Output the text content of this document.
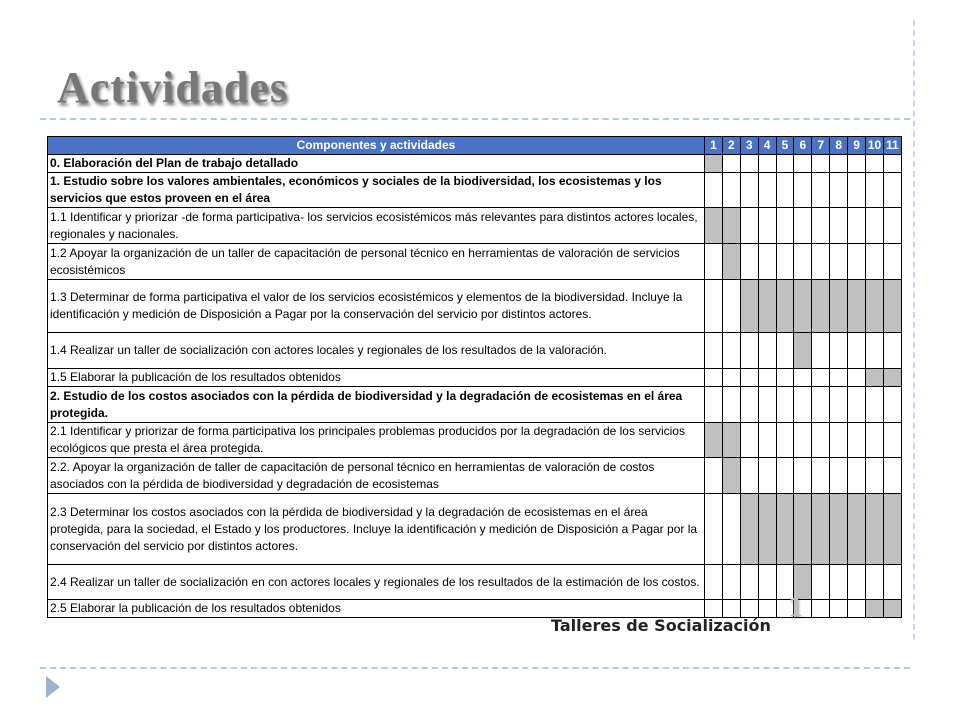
Actividades
Componentes y actividades	1	2	3	4	5	6	7	8	9	10	11
0. Elaboración del Plan de trabajo detallado											
1. Estudio sobre los valores ambientales, económicos y sociales de la biodiversidad, los ecosistemas y los servicios que estos proveen en el área											
1.1 Identificar y priorizar -de forma participativa- los servicios ecosistémicos más relevantes para distintos actores locales, regionales y nacionales.											
1.2 Apoyar la organización de un taller de capacitación de personal técnico en herramientas de valoración de servicios ecosistémicos											
1.3 Determinar de forma participativa el valor de los servicios ecosistémicos y elementos de la biodiversidad. Incluye la identificación y medición de Disposición a Pagar por la conservación del servicio por distintos actores.											
1.4 Realizar un taller de socialización con actores locales y regionales de los resultados de la valoración.											
1.5 Elaborar la publicación de los resultados obtenidos											
2. Estudio de los costos asociados con la pérdida de biodiversidad y la degradación de ecosistemas en el área protegida.											
2.1 Identificar y priorizar de forma participativa los principales problemas producidos por la degradación de los servicios ecológicos que presta el área protegida.											
2.2. Apoyar la organización de taller de capacitación de personal técnico en herramientas de valoración de costos asociados con la pérdida de biodiversidad y degradación de ecosistemas											
2.3 Determinar los costos asociados con la pérdida de biodiversidad y la degradación de ecosistemas en el área protegida, para la sociedad, el Estado y los productores. Incluye la identificación y medición de Disposición a Pagar por la conservación del servicio por distintos actores.											
2.4 Realizar un taller de socialización en con actores locales y regionales de los resultados de la estimación de los costos.											
2.5 Elaborar la publicación de los resultados obtenidos												1
Talleres de Socialización
